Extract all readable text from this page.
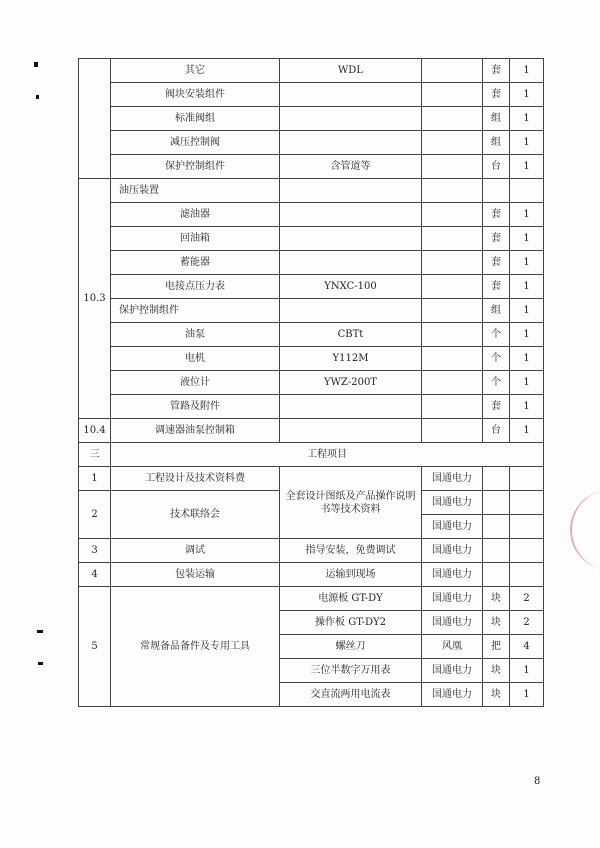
	其它	WDL		套	1
	阀块安装组件			套	1
	标准阀组			组	1
	减压控制阀			组	1
	保护控制组件	含管道等		台	1
10.3	油压装置				
	滤油器			套	1
	回油箱			套	1
	蓄能器			套	1
	电接点压力表	YNXC-100		套	1
	保护控制组件			组	1
	油泵	CBTt		个	1
	电机	Y112M		个	1
	液位计	YWZ-200T		个	1
	管路及附件			套	1
10.4	调速器油泵控制箱			台	1
三	工程项目				
1	工程设计及技术资料费	全套设计图纸及产品操作说明书等技术资料	国通电力		
2	技术联络会		国通电力		
			国通电力		
3	调试	指导安装，免费调试	国通电力		
4	包装运输	运输到现场	国通电力		
5	常规备品备件及专用工具	电源板 GT-DY	国通电力	块	2
		操作板 GT-DY2	国通电力	块	2
		螺丝刀	风凰	把	4
		三位半数字万用表	国通电力	块	1
		交直流两用电流表	国通电力	块	1
8
